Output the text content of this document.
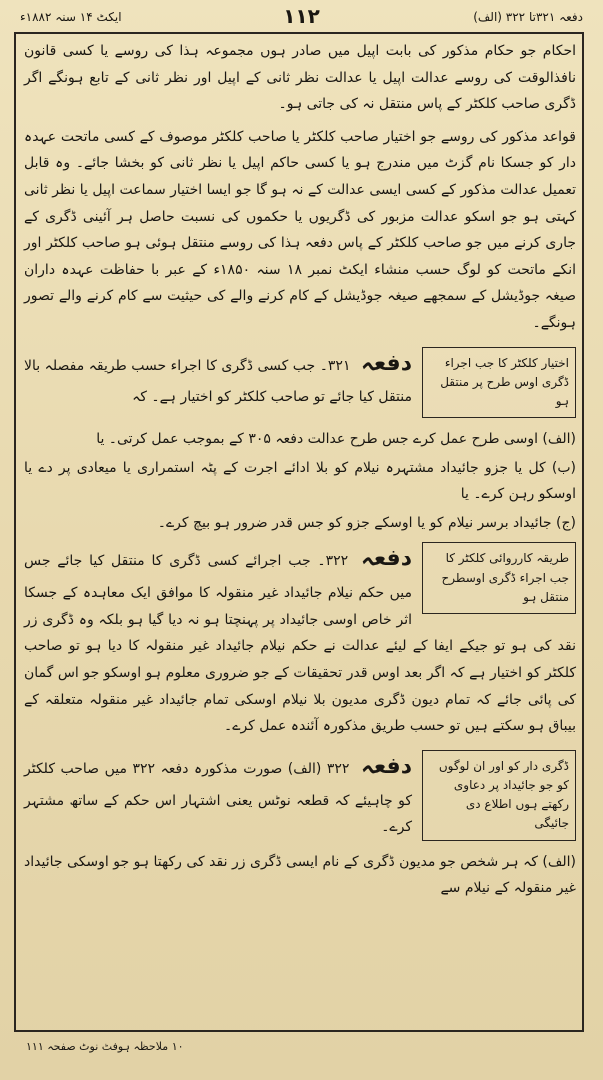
دفعہ ۳۲۱تا ۳۲۲ (الف)
۱۱۲
ایکٹ ۱۴ سنہ ۱۸۸۲ء

احکام جو حکام مذکور کی بابت اپیل میں صادر ہوں مجموعہ ہذا کی روسے یا کسی قانون نافذالوقت کی روسے عدالت اپیل یا عدالت نظر ثانی کے اپیل اور نظر ثانی کے تابع ہونگے اگر ڈگری صاحب کلکٹر کے پاس منتقل نہ کی جاتی ہو۔

قواعد مذکور کی روسے جو اختیار صاحب کلکٹر یا صاحب کلکٹر موصوف کے کسی ماتحت عہدہ دار کو جسکا نام گزٹ میں مندرج ہو یا کسی حاکم اپیل یا نظر ثانی کو بخشا جائے۔ وہ قابل تعمیل عدالت مذکور کے کسی ایسی عدالت کے نہ ہو گا جو ایسا اختیار سماعت اپیل یا نظر ثانی کہتی ہو جو اسکو عدالت مزبور کی ڈگریوں یا حکموں کی نسبت حاصل ہر آئینی ڈگری کے جاری کرنے میں جو صاحب کلکٹر کے پاس دفعہ ہذا کی روسے منتقل ہوئی ہو صاحب کلکٹر اور انکے ماتحت کو لوگ حسب منشاء ایکٹ نمبر ۱۸ سنہ ۱۸۵۰ء کے عبر با حفاظت عہدہ داران صیغہ جوڈیشل کے سمجھے صیغہ جوڈیشل کے کام کرنے والے کی حیثیت سے کام کرنے والے تصور ہونگے۔

اختیار کلکٹر کا جب اجراء ڈگری اوس طرح پر منتقل ہو

دفعہ ۳۲۱۔ جب کسی ڈگری کا اجراء حسب طریقہ مفصلہ بالا منتقل کیا جائے تو صاحب کلکٹر کو اختیار ہے۔ کہ

(الف) اوسی طرح عمل کرے جس طرح عدالت دفعہ ۳۰۵ کے بموجب عمل کرتی۔ یا

(ب) کل یا جزو جائیداد مشتہرہ نیلام کو بلا ادائے اجرت کے پٹہ استمراری یا میعادی پر دے یا اوسکو رہن کرے۔ یا

(ج) جائیداد برسر نیلام کو یا اوسکے جزو کو جس قدر ضرور ہو بیچ کرے۔

طریقہ کارروائی کلکٹر کا جب اجراء ڈگری اوسطرح منتقل ہو

دفعہ ۳۲۲۔ جب اجرائے کسی ڈگری کا منتقل کیا جائے جس میں حکم نیلام جائیداد غیر منقولہ کا موافق ایک معاہدہ کے جسکا اثر خاص اوسی جائیداد پر پہنچتا ہو نہ دیا گیا ہو بلکہ وہ ڈگری زر نقد کی ہو تو جیکے ایفا کے لیئے عدالت نے حکم نیلام جائیداد غیر منقولہ کا دیا ہو تو صاحب کلکٹر کو اختیار ہے کہ اگر بعد اوس قدر تحقیقات کے جو ضروری معلوم ہو اوسکو جو اس گمان کی پائی جائے کہ تمام دیون ڈگری مدیون بلا نیلام اوسکی تمام جائیداد غیر منقولہ متعلقہ کے بیباق ہو سکتے ہیں تو حسب طریق مذکورہ آئندہ عمل کرے۔

ڈگری دار کو اور ان لوگوں کو جو جائیداد پر دعاوی رکھتے ہوں اطلاع دی جائیگی

دفعہ ۳۲۲ (الف) صورت مذکورہ دفعہ ۳۲۲ میں صاحب کلکٹر کو چاہیئے کہ قطعہ نوٹس یعنی اشتہار اس حکم کے ساتھ مشتہر کرے۔

(الف) کہ ہر شخص جو مدیون ڈگری کے نام ایسی ڈگری زر نقد کی رکھتا ہو جو اوسکی جائیداد غیر منقولہ کے نیلام سے

۱۰ ملاحظہ ہوفٹ نوٹ صفحہ ۱۱۱
